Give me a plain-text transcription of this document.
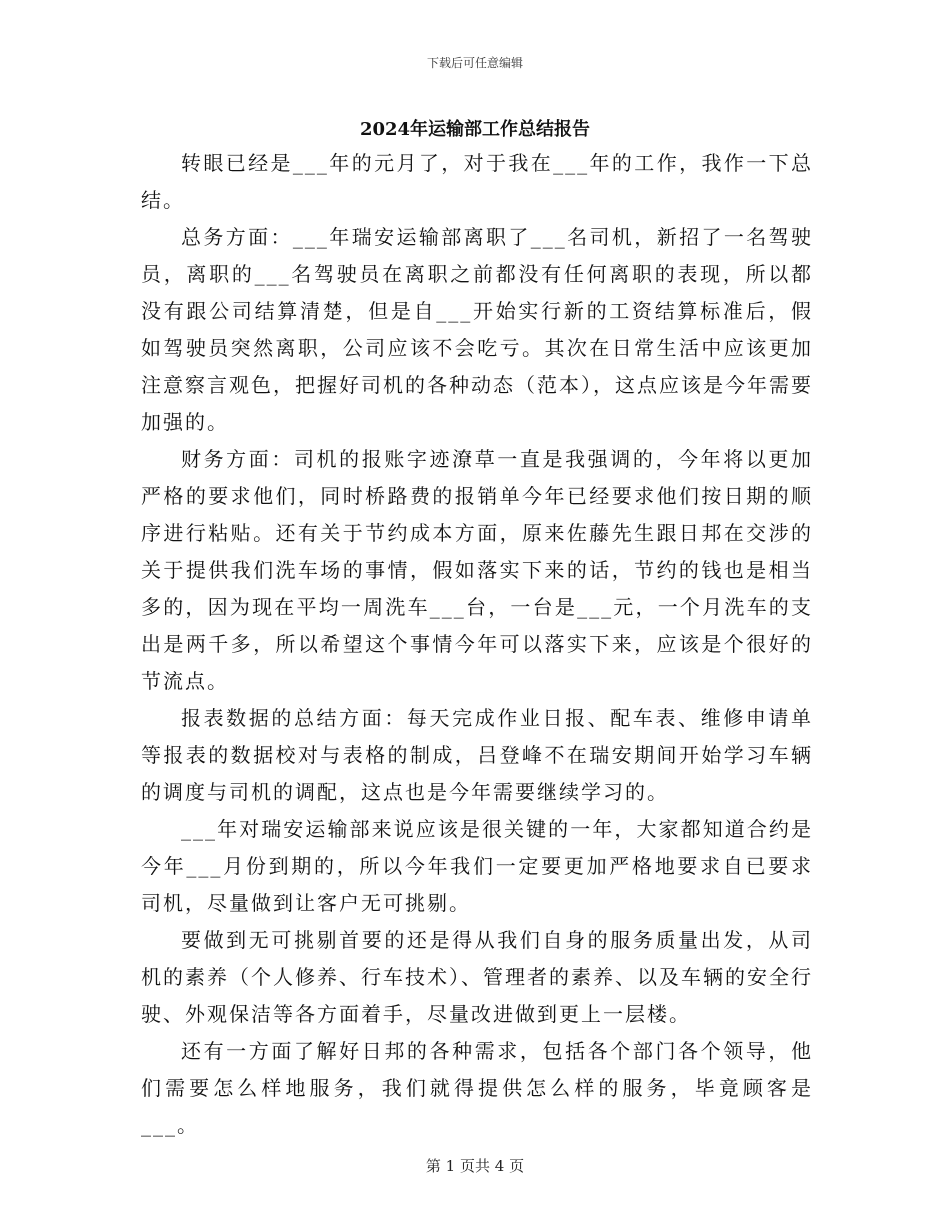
下载后可任意编辑
2024年运输部工作总结报告

转眼已经是___年的元月了，对于我在___年的工作，我作一下总结。

总务方面：___年瑞安运输部离职了___名司机，新招了一名驾驶员，离职的___名驾驶员在离职之前都没有任何离职的表现，所以都没有跟公司结算清楚，但是自___开始实行新的工资结算标准后，假如驾驶员突然离职，公司应该不会吃亏。其次在日常生活中应该更加注意察言观色，把握好司机的各种动态（范本），这点应该是今年需要加强的。

财务方面：司机的报账字迹潦草一直是我强调的，今年将以更加严格的要求他们，同时桥路费的报销单今年已经要求他们按日期的顺序进行粘贴。还有关于节约成本方面，原来佐藤先生跟日邦在交涉的关于提供我们洗车场的事情，假如落实下来的话，节约的钱也是相当多的，因为现在平均一周洗车___台，一台是___元，一个月洗车的支出是两千多，所以希望这个事情今年可以落实下来，应该是个很好的节流点。

报表数据的总结方面：每天完成作业日报、配车表、维修申请单等报表的数据校对与表格的制成，吕登峰不在瑞安期间开始学习车辆的调度与司机的调配，这点也是今年需要继续学习的。

___年对瑞安运输部来说应该是很关键的一年，大家都知道合约是今年___月份到期的，所以今年我们一定要更加严格地要求自已要求司机，尽量做到让客户无可挑剔。

要做到无可挑剔首要的还是得从我们自身的服务质量出发，从司机的素养（个人修养、行车技术）、管理者的素养、以及车辆的安全行驶、外观保洁等各方面着手，尽量改进做到更上一层楼。

还有一方面了解好日邦的各种需求，包括各个部门各个领导，他们需要怎么样地服务，我们就得提供怎么样的服务，毕竟顾客是___。

第 1 页共 4 页
